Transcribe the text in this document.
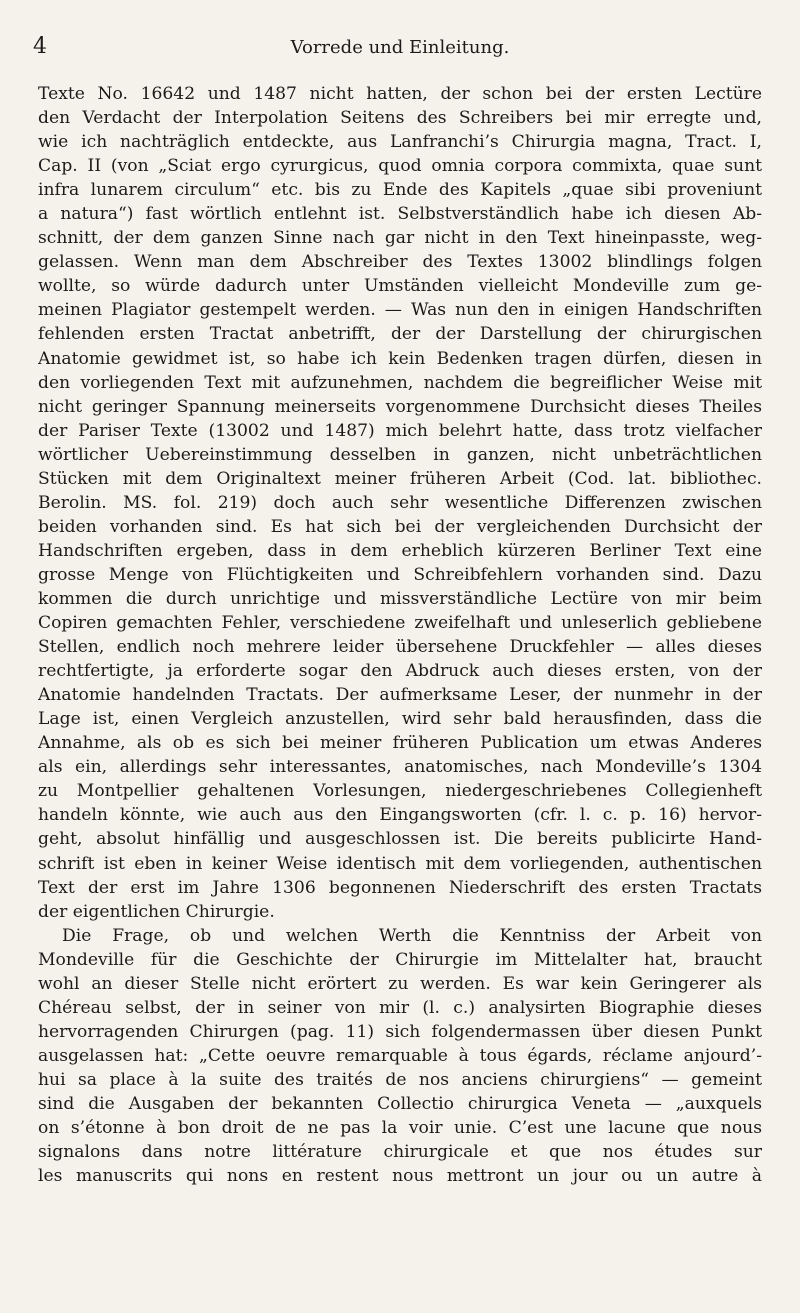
4	Vorrede und Einleitung.
Texte No. 16642 und 1487 nicht hatten, der schon bei der ersten Lectüre
den Verdacht der Interpolation Seitens des Schreibers bei mir erregte und,
wie ich nachträglich entdeckte, aus Lanfranchi’s Chirurgia magna, Tract. I,
Cap. II (von „Sciat ergo cyrurgicus, quod omnia corpora commixta, quae sunt
infra lunarem circulum“ etc. bis zu Ende des Kapitels „quae sibi proveniunt
a natura“) fast wörtlich entlehnt ist. Selbstverständlich habe ich diesen Ab-
schnitt, der dem ganzen Sinne nach gar nicht in den Text hineinpasste, weg-
gelassen. Wenn man dem Abschreiber des Textes 13002 blindlings folgen
wollte, so würde dadurch unter Umständen vielleicht Mondeville zum ge-
meinen Plagiator gestempelt werden. — Was nun den in einigen Handschriften
fehlenden ersten Tractat anbetrifft, der der Darstellung der chirurgischen
Anatomie gewidmet ist, so habe ich kein Bedenken tragen dürfen, diesen in
den vorliegenden Text mit aufzunehmen, nachdem die begreiflicher Weise mit
nicht geringer Spannung meinerseits vorgenommene Durchsicht dieses Theiles
der Pariser Texte (13002 und 1487) mich belehrt hatte, dass trotz vielfacher
wörtlicher Uebereinstimmung desselben in ganzen, nicht unbeträchtlichen
Stücken mit dem Originaltext meiner früheren Arbeit (Cod. lat. bibliothec.
Berolin. MS. fol. 219) doch auch sehr wesentliche Differenzen zwischen
beiden vorhanden sind. Es hat sich bei der vergleichenden Durchsicht der
Handschriften ergeben, dass in dem erheblich kürzeren Berliner Text eine
grosse Menge von Flüchtigkeiten und Schreibfehlern vorhanden sind. Dazu
kommen die durch unrichtige und missverständliche Lectüre von mir beim
Copiren gemachten Fehler, verschiedene zweifelhaft und unleserlich gebliebene
Stellen, endlich noch mehrere leider übersehene Druckfehler — alles dieses
rechtfertigte, ja erforderte sogar den Abdruck auch dieses ersten, von der
Anatomie handelnden Tractats. Der aufmerksame Leser, der nunmehr in der
Lage ist, einen Vergleich anzustellen, wird sehr bald herausfinden, dass die
Annahme, als ob es sich bei meiner früheren Publication um etwas Anderes
als ein, allerdings sehr interessantes, anatomisches, nach Mondeville’s 1304
zu Montpellier gehaltenen Vorlesungen, niedergeschriebenes Collegienheft
handeln könnte, wie auch aus den Eingangsworten (cfr. l. c. p. 16) hervor-
geht, absolut hinfällig und ausgeschlossen ist. Die bereits publicirte Hand-
schrift ist eben in keiner Weise identisch mit dem vorliegenden, authentischen
Text der erst im Jahre 1306 begonnenen Niederschrift des ersten Tractats
der eigentlichen Chirurgie.
Die Frage, ob und welchen Werth die Kenntniss der Arbeit von
Mondeville für die Geschichte der Chirurgie im Mittelalter hat, braucht
wohl an dieser Stelle nicht erörtert zu werden. Es war kein Geringerer als
Chéreau selbst, der in seiner von mir (l. c.) analysirten Biographie dieses
hervorragenden Chirurgen (pag. 11) sich folgendermassen über diesen Punkt
ausgelassen hat: „Cette oeuvre remarquable à tous égards, réclame anjourd’-
hui sa place à la suite des traités de nos anciens chirurgiens“ — gemeint
sind die Ausgaben der bekannten Collectio chirurgica Veneta — „auxquels
on s’étonne à bon droit de ne pas la voir unie. C’est une lacune que nous
signalons dans notre littérature chirurgicale et que nos études sur
les manuscrits qui nons en restent nous mettront un jour ou un autre à
